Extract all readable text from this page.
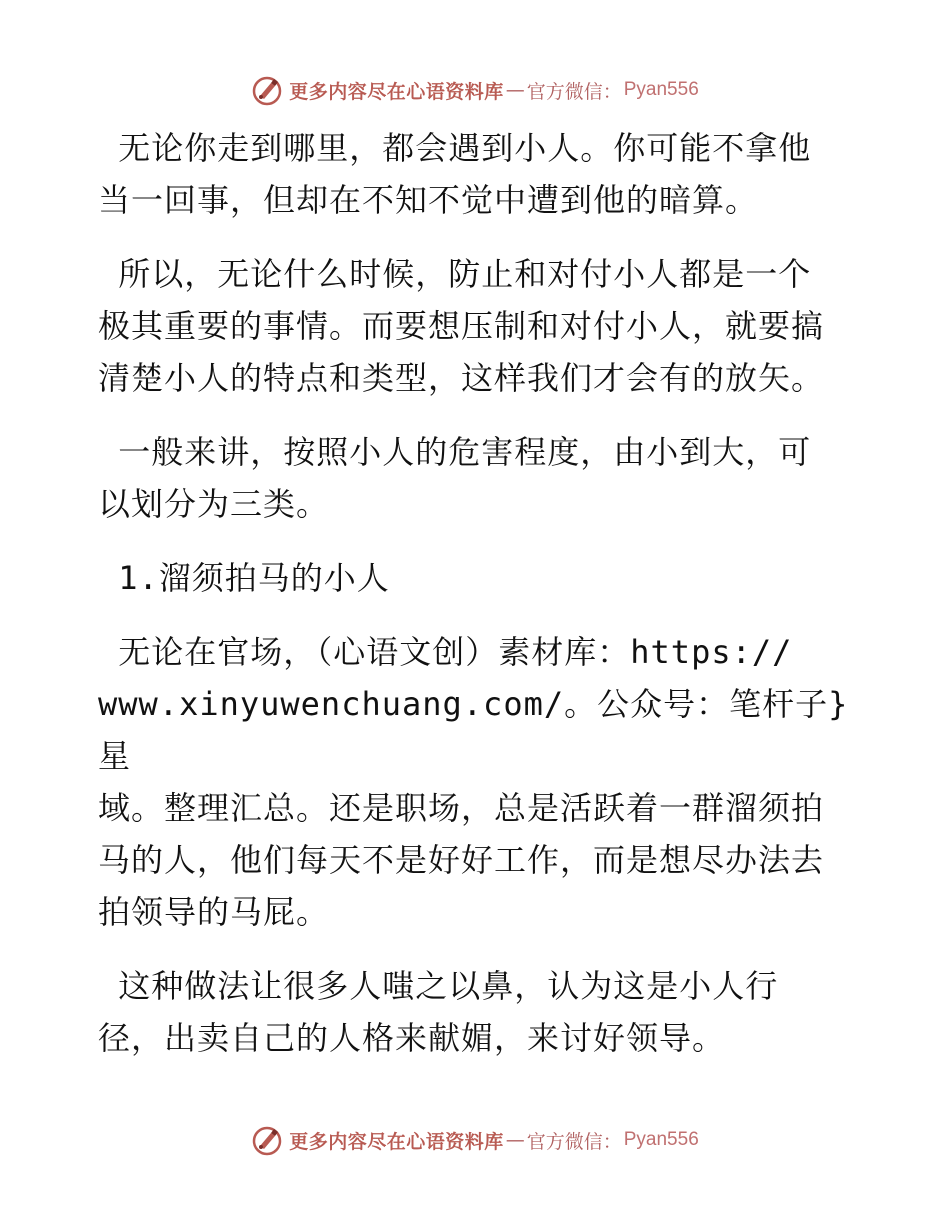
更多内容尽在心语资料库 — 官方微信： Pyan556

无论你走到哪里，都会遇到小人。你可能不拿他
当一回事，但却在不知不觉中遭到他的暗算。

所以，无论什么时候，防止和对付小人都是一个
极其重要的事情。而要想压制和对付小人，就要搞
清楚小人的特点和类型，这样我们才会有的放矢。

一般来讲，按照小人的危害程度，由小到大，可
以划分为三类。

1.溜须拍马的小人

无论在官场，（心语文创）素材库：https://
www.xinyuwenchuang.com/。公众号：笔杆子}星
域。整理汇总。还是职场，总是活跃着一群溜须拍
马的人，他们每天不是好好工作，而是想尽办法去
拍领导的马屁。

这种做法让很多人嗤之以鼻，认为这是小人行
径，出卖自己的人格来献媚，来讨好领导。

更多内容尽在心语资料库 — 官方微信： Pyan556
